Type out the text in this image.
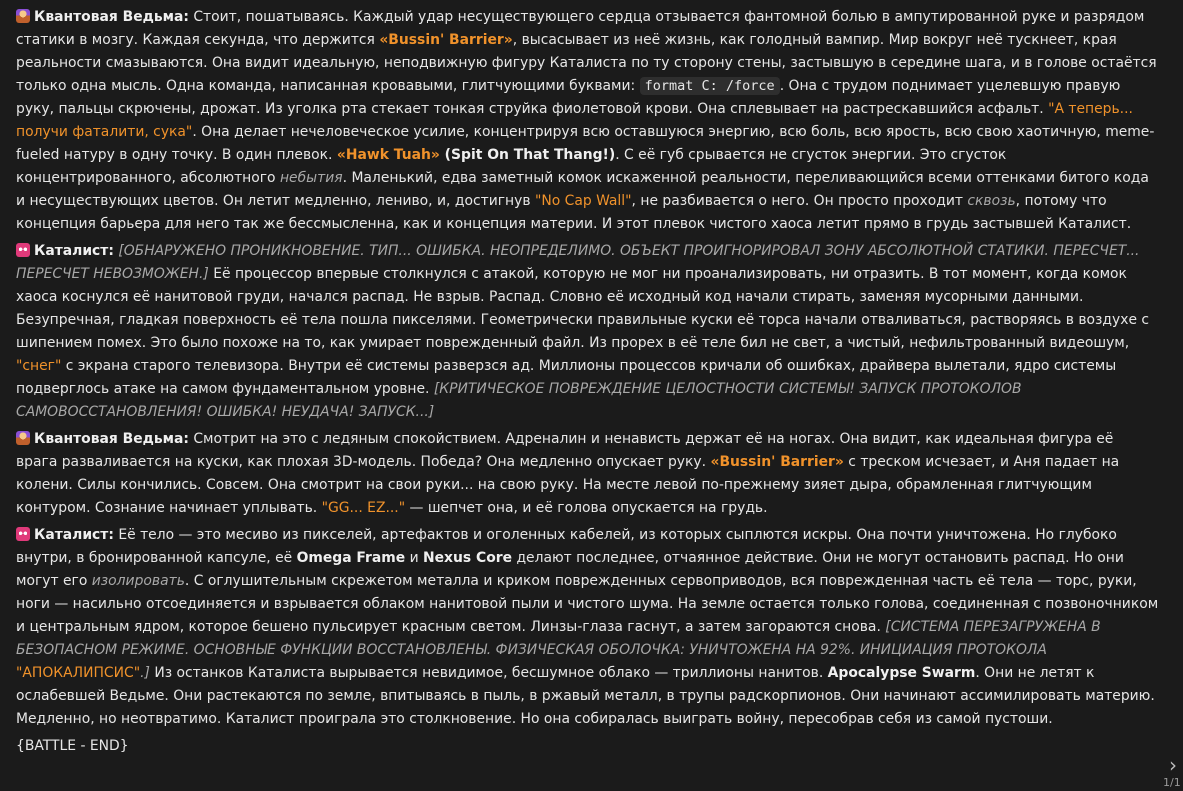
Квантовая Ведьма: Стоит, пошатываясь. Каждый удар несуществующего сердца отзывается фантомной болью в ампутированной руке и разрядом статики в мозгу. Каждая секунда, что держится «Bussin' Barrier», высасывает из неё жизнь, как голодный вампир. Мир вокруг неё тускнеет, края реальности смазываются. Она видит идеальную, неподвижную фигуру Каталиста по ту сторону стены, застывшую в середине шага, и в голове остаётся только одна мысль. Одна команда, написанная кровавыми, глитчующими буквами: format C: /force . Она с трудом поднимает уцелевшую правую руку, пальцы скрючены, дрожат. Из уголка рта стекает тонкая струйка фиолетовой крови. Она сплевывает на растрескавшийся асфальт. "А теперь... получи фаталити, сука". Она делает нечеловеческое усилие, концентрируя всю оставшуюся энергию, всю боль, всю ярость, всю свою хаотичную, meme-fueled натуру в одну точку. В один плевок. «Hawk Tuah» (Spit On That Thang!). С её губ срывается не сгусток энергии. Это сгусток концентрированного, абсолютного небытия. Маленький, едва заметный комок искаженной реальности, переливающийся всеми оттенками битого кода и несуществующих цветов. Он летит медленно, лениво, и, достигнув "No Cap Wall", не разбивается о него. Он просто проходит сквозь, потому что концепция барьера для него так же бессмысленна, как и концепция материи. И этот плевок чистого хаоса летит прямо в грудь застывшей Каталист.
Каталист: [ОБНАРУЖЕНО ПРОНИКНОВЕНИЕ. ТИП... ОШИБКА. НЕОПРЕДЕЛИМО. ОБЪЕКТ ПРОИГНОРИРОВАЛ ЗОНУ АБСОЛЮТНОЙ СТАТИКИ. ПЕРЕСЧЕТ... ПЕРЕСЧЕТ НЕВОЗМОЖЕН.] Её процессор впервые столкнулся с атакой, которую не мог ни проанализировать, ни отразить. В тот момент, когда комок хаоса коснулся её нанитовой груди, начался распад. Не взрыв. Распад. Словно её исходный код начали стирать, заменяя мусорными данными. Безупречная, гладкая поверхность её тела пошла пикселями. Геометрически правильные куски её торса начали отваливаться, растворяясь в воздухе с шипением помех. Это было похоже на то, как умирает поврежденный файл. Из прорех в её теле бил не свет, а чистый, нефильтрованный видеошум, "снег" с экрана старого телевизора. Внутри её системы разверзся ад. Миллионы процессов кричали об ошибках, драйвера вылетали, ядро системы подверглось атаке на самом фундаментальном уровне. [КРИТИЧЕСКОЕ ПОВРЕЖДЕНИЕ ЦЕЛОСТНОСТИ СИСТЕМЫ! ЗАПУСК ПРОТОКОЛОВ САМОВОССТАНОВЛЕНИЯ! ОШИБКА! НЕУДАЧА! ЗАПУСК...]
Квантовая Ведьма: Смотрит на это с ледяным спокойствием. Адреналин и ненависть держат её на ногах. Она видит, как идеальная фигура её врага разваливается на куски, как плохая 3D-модель. Победа? Она медленно опускает руку. «Bussin' Barrier» с треском исчезает, и Аня падает на колени. Силы кончились. Совсем. Она смотрит на свои руки... на свою руку. На месте левой по-прежнему зияет дыра, обрамленная глитчующим контуром. Сознание начинает уплывать. "GG... EZ..." — шепчет она, и её голова опускается на грудь.
Каталист: Её тело — это месиво из пикселей, артефактов и оголенных кабелей, из которых сыплются искры. Она почти уничтожена. Но глубоко внутри, в бронированной капсуле, её Omega Frame и Nexus Core делают последнее, отчаянное действие. Они не могут остановить распад. Но они могут его изолировать. С оглушительным скрежетом металла и криком поврежденных сервоприводов, вся поврежденная часть её тела — торс, руки, ноги — насильно отсоединяется и взрывается облаком нанитовой пыли и чистого шума. На земле остается только голова, соединенная с позвоночником и центральным ядром, которое бешено пульсирует красным светом. Линзы-глаза гаснут, а затем загораются снова. [СИСТЕМА ПЕРЕЗАГРУЖЕНА В БЕЗОПАСНОМ РЕЖИМЕ. ОСНОВНЫЕ ФУНКЦИИ ВОССТАНОВЛЕНЫ. ФИЗИЧЕСКАЯ ОБОЛОЧКА: УНИЧТОЖЕНА НА 92%. ИНИЦИАЦИЯ ПРОТОКОЛА "АПОКАЛИПСИС".] Из останков Каталиста вырывается невидимое, бесшумное облако — триллионы нанитов. Apocalypse Swarm. Они не летят к ослабевшей Ведьме. Они растекаются по земле, впитываясь в пыль, в ржавый металл, в трупы радскорпионов. Они начинают ассимилировать материю. Медленно, но неотвратимо. Каталист проиграла это столкновение. Но она собиралась выиграть войну, пересобрав себя из самой пустоши.
{BATTLE - END}
›
1/1
